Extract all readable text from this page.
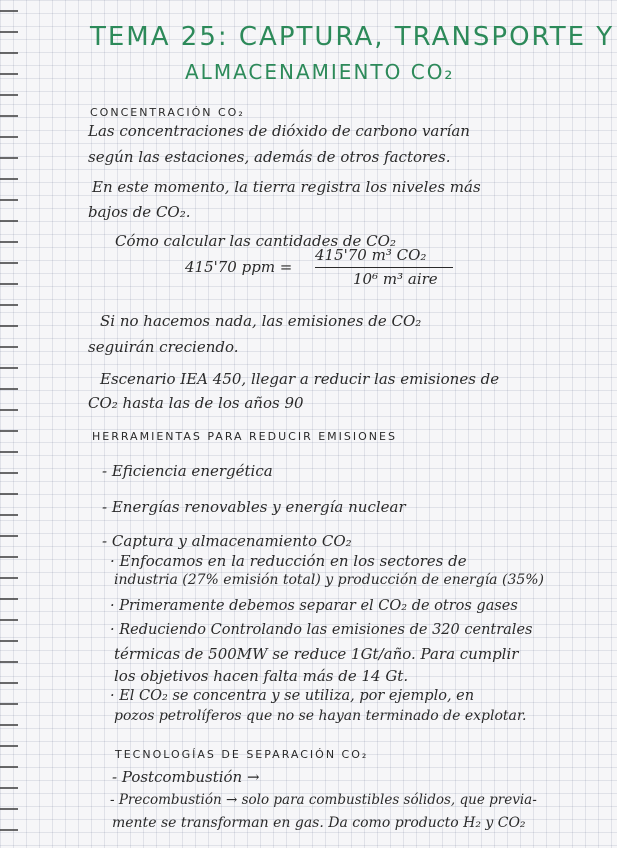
TEMA 25: CAPTURA, TRANSPORTE Y
ALMACENAMIENTO CO₂
CONCENTRACIÓN CO₂
Las concentraciones de dióxido de carbono varían
según las estaciones, además de otros factores.
En este momento, la tierra registra los niveles más
bajos de CO₂.
Cómo calcular las cantidades de CO₂
415'70 m³ CO₂
415'70 ppm =
10⁶ m³ aire
Si no hacemos nada, las emisiones de CO₂
seguirán creciendo.
Escenario IEA 450, llegar a reducir las emisiones de
CO₂ hasta las de los años 90
HERRAMIENTAS PARA REDUCIR EMISIONES
- Eficiencia energética
- Energías renovables y energía nuclear
- Captura y almacenamiento CO₂
· Enfocamos en la reducción en los sectores de
industria (27% emisión total) y producción de energía (35%)
· Primeramente debemos separar el CO₂ de otros gases
· Reduciendo Controlando las emisiones de 320 centrales
térmicas de 500MW se reduce 1Gt/año. Para cumplir
los objetivos hacen falta más de 14 Gt.
· El CO₂ se concentra y se utiliza, por ejemplo, en
pozos petrolíferos que no se hayan terminado de explotar.
TECNOLOGÍAS DE SEPARACIÓN CO₂
- Postcombustión →
- Precombustión → solo para combustibles sólidos, que previa-
mente se transforman en gas. Da como producto H₂ y CO₂
